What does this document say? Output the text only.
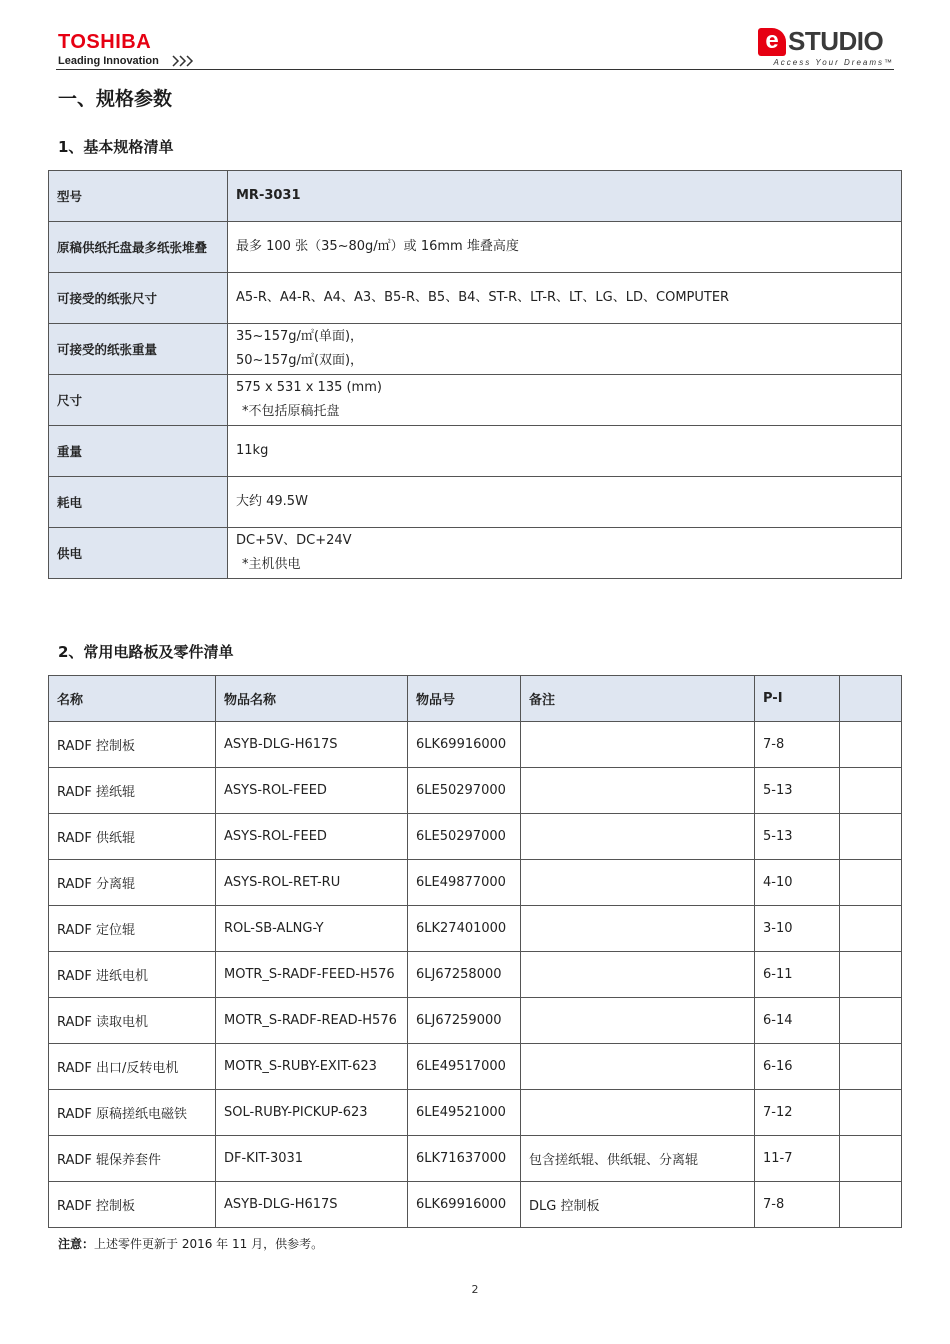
TOSHIBA
Leading Innovation
e STUDIO
Access Your Dreams™
一、规格参数
1、基本规格清单
型号	MR-3031

原稿供纸托盘最多纸张堆叠	最多 100 张（35~80g/㎡）或 16mm 堆叠高度

可接受的纸张尺寸	A5-R、A4-R、A4、A3、B5-R、B5、B4、ST-R、LT-R、LT、LG、LD、COMPUTER

可接受的纸张重量	35~157g/㎡(单面)，
50~157g/㎡(双面)，

尺寸	575 x 531 x 135 (mm)
*不包括原稿托盘

重量	11kg

耗电	大约 49.5W

供电	DC+5V、DC+24V
*主机供电
2、常用电路板及零件清单
名称	物品名称	物品号	备注	P-I	
RADF 控制板	ASYB-DLG-H617S	6LK69916000		7-8	
RADF 搓纸辊	ASYS-ROL-FEED	6LE50297000		5-13	
RADF 供纸辊	ASYS-ROL-FEED	6LE50297000		5-13	
RADF 分离辊	ASYS-ROL-RET-RU	6LE49877000		4-10	
RADF 定位辊	ROL-SB-ALNG-Y	6LK27401000		3-10	
RADF 进纸电机	MOTR_S-RADF-FEED-H576	6LJ67258000		6-11	
RADF 读取电机	MOTR_S-RADF-READ-H576	6LJ67259000		6-14	
RADF 出口/反转电机	MOTR_S-RUBY-EXIT-623	6LE49517000		6-16	
RADF 原稿搓纸电磁铁	SOL-RUBY-PICKUP-623	6LE49521000		7-12	
RADF 辊保养套件	DF-KIT-3031	6LK71637000	包含搓纸辊、供纸辊、分离辊	11-7	
RADF 控制板	ASYB-DLG-H617S	6LK69916000	DLG 控制板	7-8	
注意：上述零件更新于 2016 年 11 月，供参考。
2
